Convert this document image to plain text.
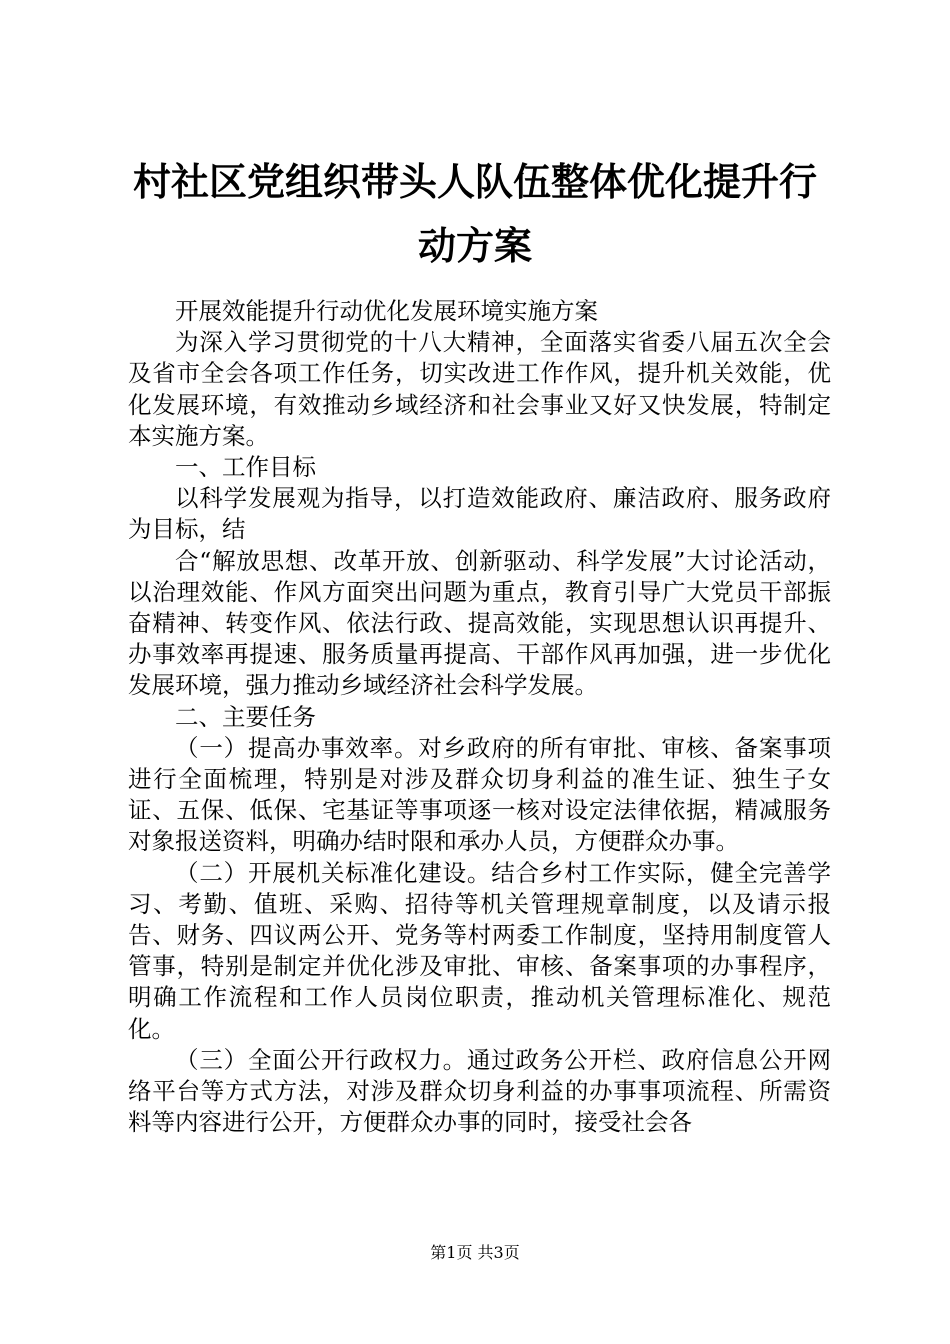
村社区党组织带头人队伍整体优化提升行动方案

开展效能提升行动优化发展环境实施方案

为深入学习贯彻党的十八大精神，全面落实省委八届五次全会及省市全会各项工作任务，切实改进工作作风，提升机关效能，优化发展环境，有效推动乡域经济和社会事业又好又快发展，特制定本实施方案。

一、工作目标

以科学发展观为指导，以打造效能政府、廉洁政府、服务政府为目标，结

合“解放思想、改革开放、创新驱动、科学发展”大讨论活动，以治理效能、作风方面突出问题为重点，教育引导广大党员干部振奋精神、转变作风、依法行政、提高效能，实现思想认识再提升、办事效率再提速、服务质量再提高、干部作风再加强，进一步优化发展环境，强力推动乡域经济社会科学发展。

二、主要任务

（一）提高办事效率。对乡政府的所有审批、审核、备案事项进行全面梳理，特别是对涉及群众切身利益的准生证、独生子女证、五保、低保、宅基证等事项逐一核对设定法律依据，精减服务对象报送资料，明确办结时限和承办人员，方便群众办事。

（二）开展机关标准化建设。结合乡村工作实际，健全完善学习、考勤、值班、采购、招待等机关管理规章制度，以及请示报告、财务、四议两公开、党务等村两委工作制度，坚持用制度管人管事，特别是制定并优化涉及审批、审核、备案事项的办事程序，明确工作流程和工作人员岗位职责，推动机关管理标准化、规范化。

（三）全面公开行政权力。通过政务公开栏、政府信息公开网络平台等方式方法，对涉及群众切身利益的办事事项流程、所需资料等内容进行公开，方便群众办事的同时，接受社会各

第1页 共3页
